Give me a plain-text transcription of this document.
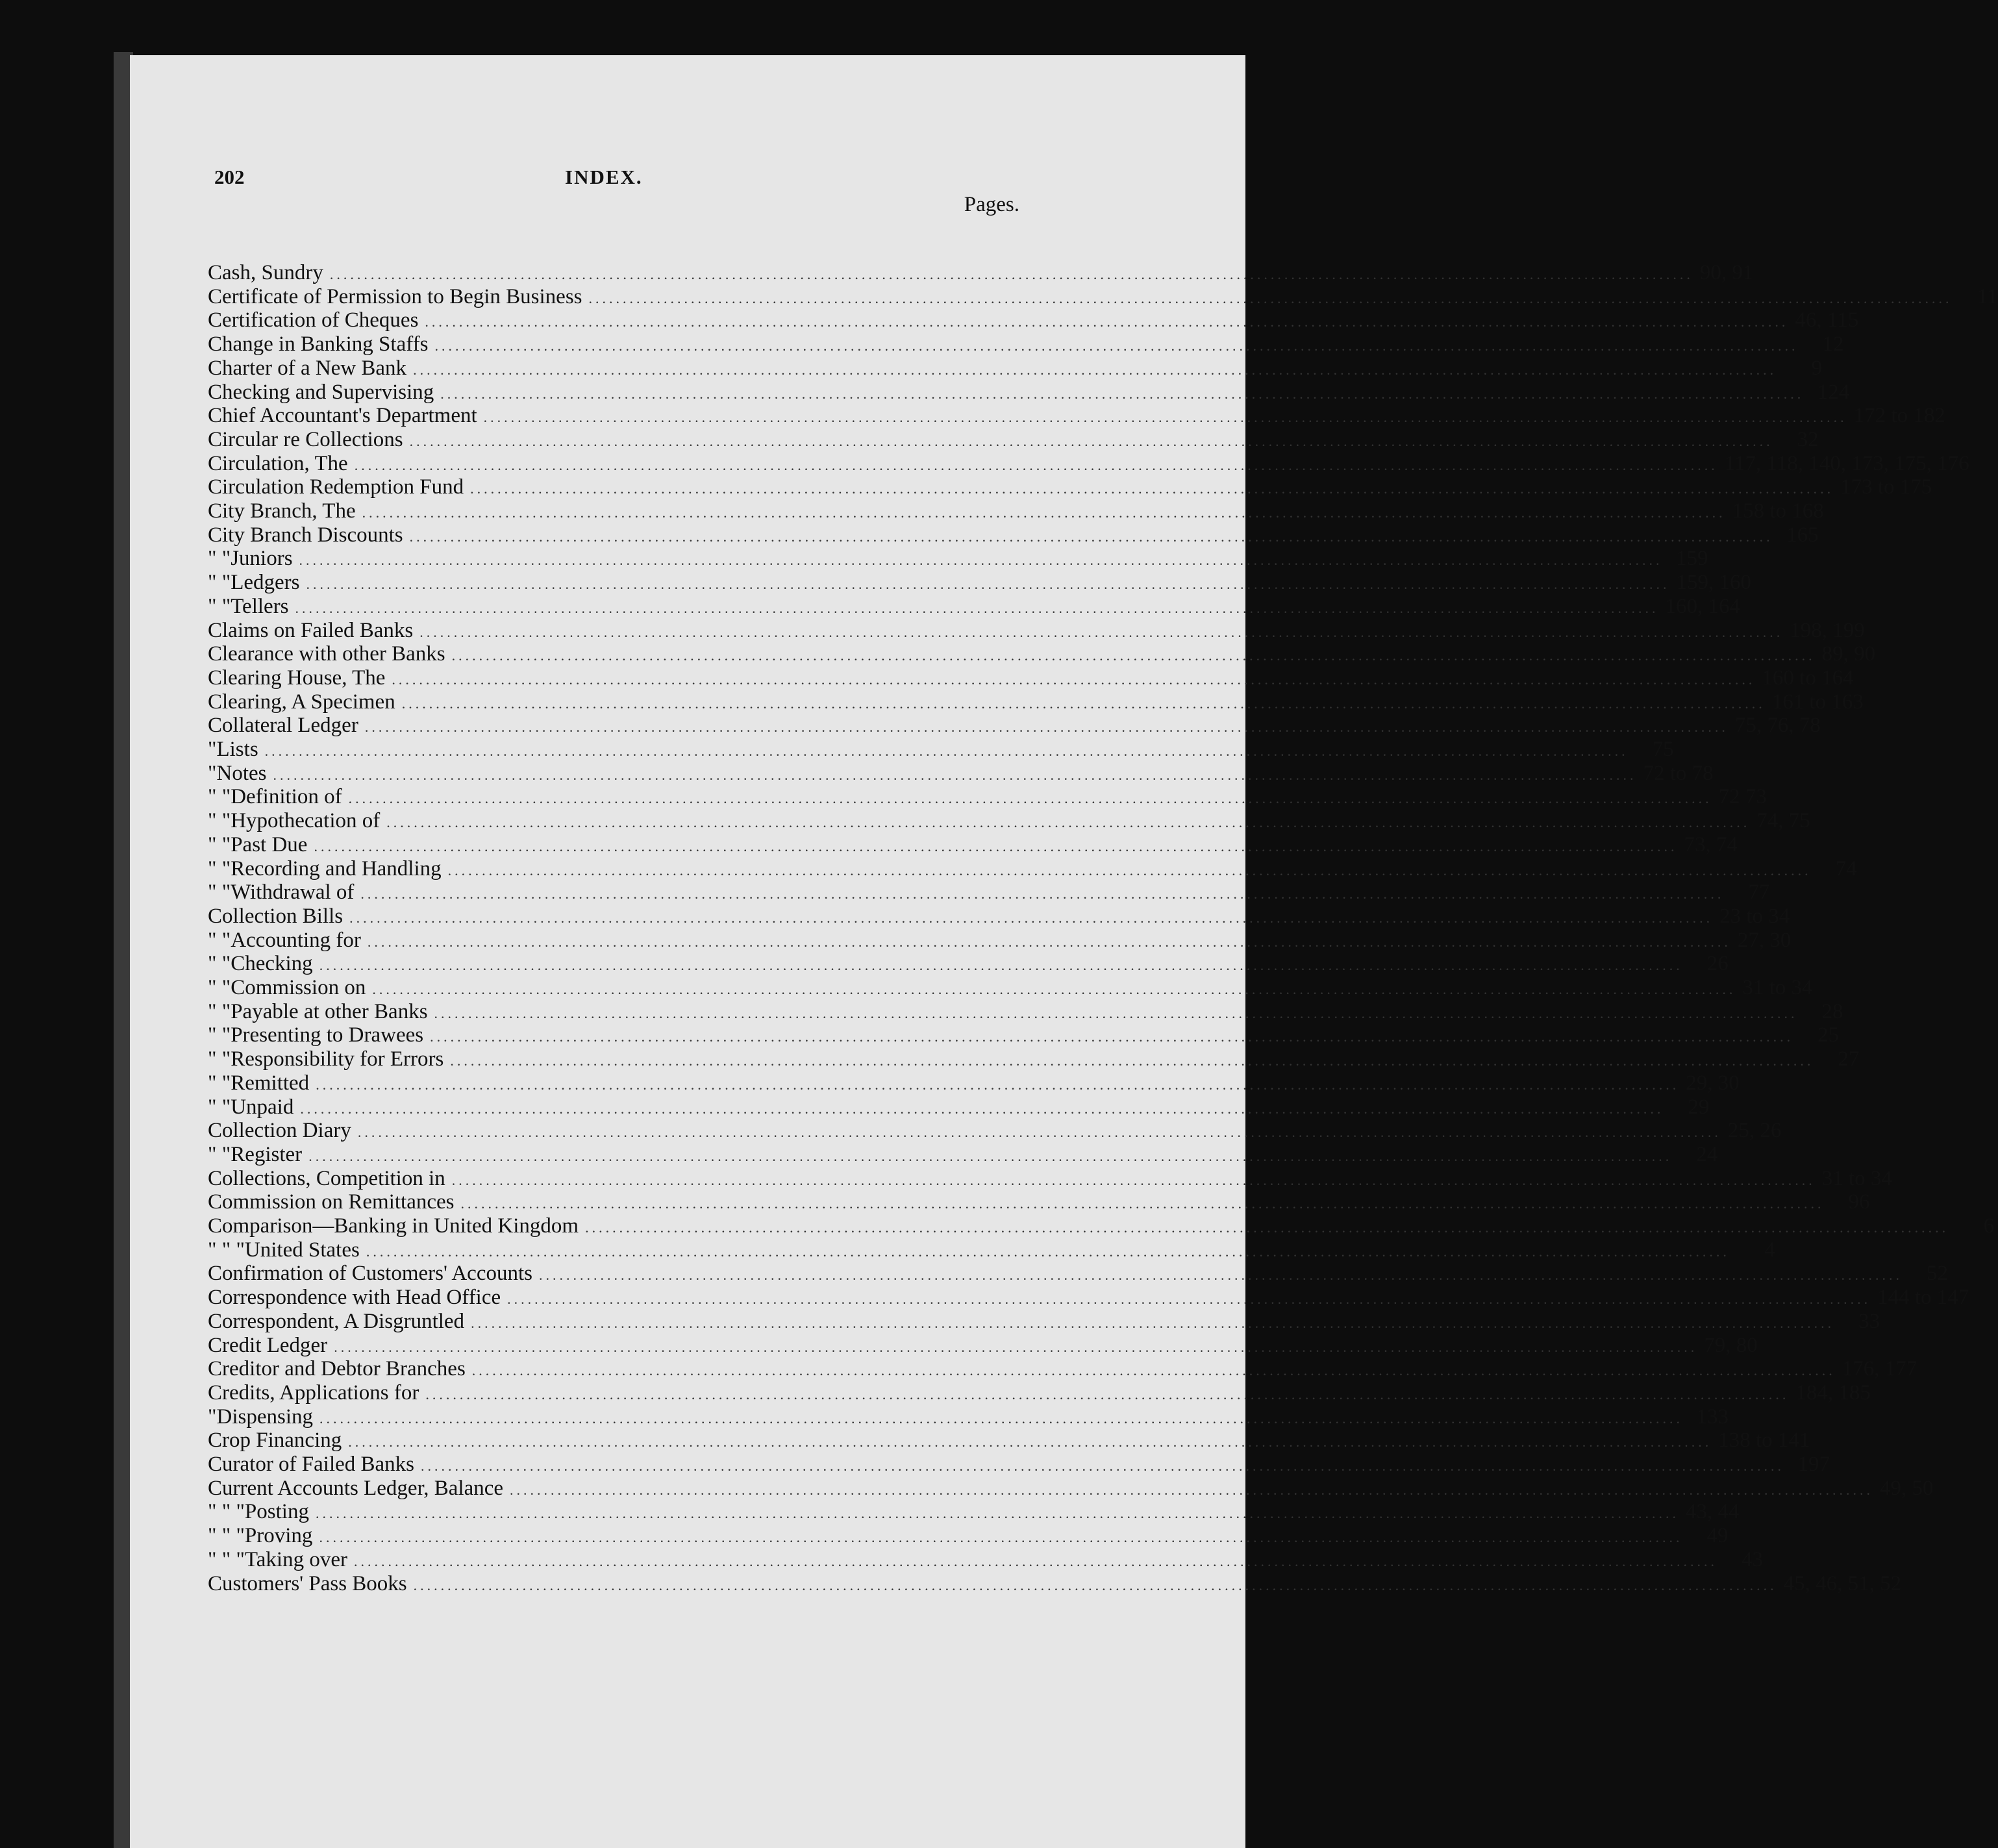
202	INDEX.
Pages.
Cash, Sundry ........................................................................................................................................................................................................ 90, 91
Certificate of Permission to Begin Business ........................................................................................................................................................................................................	11
Certification of Cheques ........................................................................................................................................................................................................ 46, 115
Change in Banking Staffs ........................................................................................................................................................................................................	12
Charter of a New Bank ........................................................................................................................................................................................................	9
Checking and Supervising ........................................................................................................................................................................................................ 124
Chief Accountant's Department ........................................................................................................................................................................................................ 172 to 182
Circular re Collections ........................................................................................................................................................................................................	32
Circulation, The ........................................................................................................................................................................................................ 117, 118, 140, 173, 175, 176
Circulation Redemption Fund ........................................................................................................................................................................................................ 173 to 175
City Branch, The ........................................................................................................................................................................................................ 158 to 168
City Branch Discounts ........................................................................................................................................................................................................ 165
" " Juniors ........................................................................................................................................................................................................ 159
" " Ledgers ........................................................................................................................................................................................................ 159, 160
" " Tellers ........................................................................................................................................................................................................ 160, 164
Claims on Failed Banks ........................................................................................................................................................................................................ 198, 199
Clearance with other Banks ........................................................................................................................................................................................................ 89, 90
Clearing House, The ........................................................................................................................................................................................................ 160 to 164
Clearing, A Specimen ........................................................................................................................................................................................................ 161 to 163
Collateral Ledger ........................................................................................................................................................................................................ 75, 76, 78
" Lists ........................................................................................................................................................................................................	75
" Notes ........................................................................................................................................................................................................ 72 to 78
" " Definition of ........................................................................................................................................................................................................ 72 73
" " Hypothecation of ........................................................................................................................................................................................................ 74, 75
" " Past Due ........................................................................................................................................................................................................ 73, 74
" " Recording and Handling ........................................................................................................................................................................................................	74
" " Withdrawal of ........................................................................................................................................................................................................	77
Collection Bills ........................................................................................................................................................................................................ 23 to 34
" " Accounting for ........................................................................................................................................................................................................ 27, 30
" " Checking ........................................................................................................................................................................................................	26
" " Commission on ........................................................................................................................................................................................................ 31 to 34
" " Payable at other Banks ........................................................................................................................................................................................................	28
" " Presenting to Drawees ........................................................................................................................................................................................................	25
" " Responsibility for Errors ........................................................................................................................................................................................................	27
" " Remitted ........................................................................................................................................................................................................ 29, 30
" " Unpaid ........................................................................................................................................................................................................	29
Collection Diary ........................................................................................................................................................................................................ 25, 26
" " Register ........................................................................................................................................................................................................	24
Collections, Competition in ........................................................................................................................................................................................................ 31 to 34
Commission on Remittances ........................................................................................................................................................................................................	96
Comparison—Banking in United Kingdom ........................................................................................................................................................................................................	6
" " " United States ........................................................................................................................................................................................................	4
Confirmation of Customers' Accounts ........................................................................................................................................................................................................	52
Correspondence with Head Office ........................................................................................................................................................................................................ 144 to 147
Correspondent, A Disgruntled ........................................................................................................................................................................................................	33
Credit Ledger ........................................................................................................................................................................................................ 79, 80
Creditor and Debtor Branches ........................................................................................................................................................................................................ 176, 177
Credits, Applications for ........................................................................................................................................................................................................ 184, 185
" Dispensing ........................................................................................................................................................................................................ 133
Crop Financing ........................................................................................................................................................................................................ 138 to 141
Curator of Failed Banks ........................................................................................................................................................................................................ 197
Current Accounts Ledger, Balance ........................................................................................................................................................................................................ 49, 50
" " " Posting ........................................................................................................................................................................................................ 43, 44
" " " Proving ........................................................................................................................................................................................................	49
" " " Taking over ........................................................................................................................................................................................................	43
Customers' Pass Books ........................................................................................................................................................................................................ 45, 46, 51, 52
